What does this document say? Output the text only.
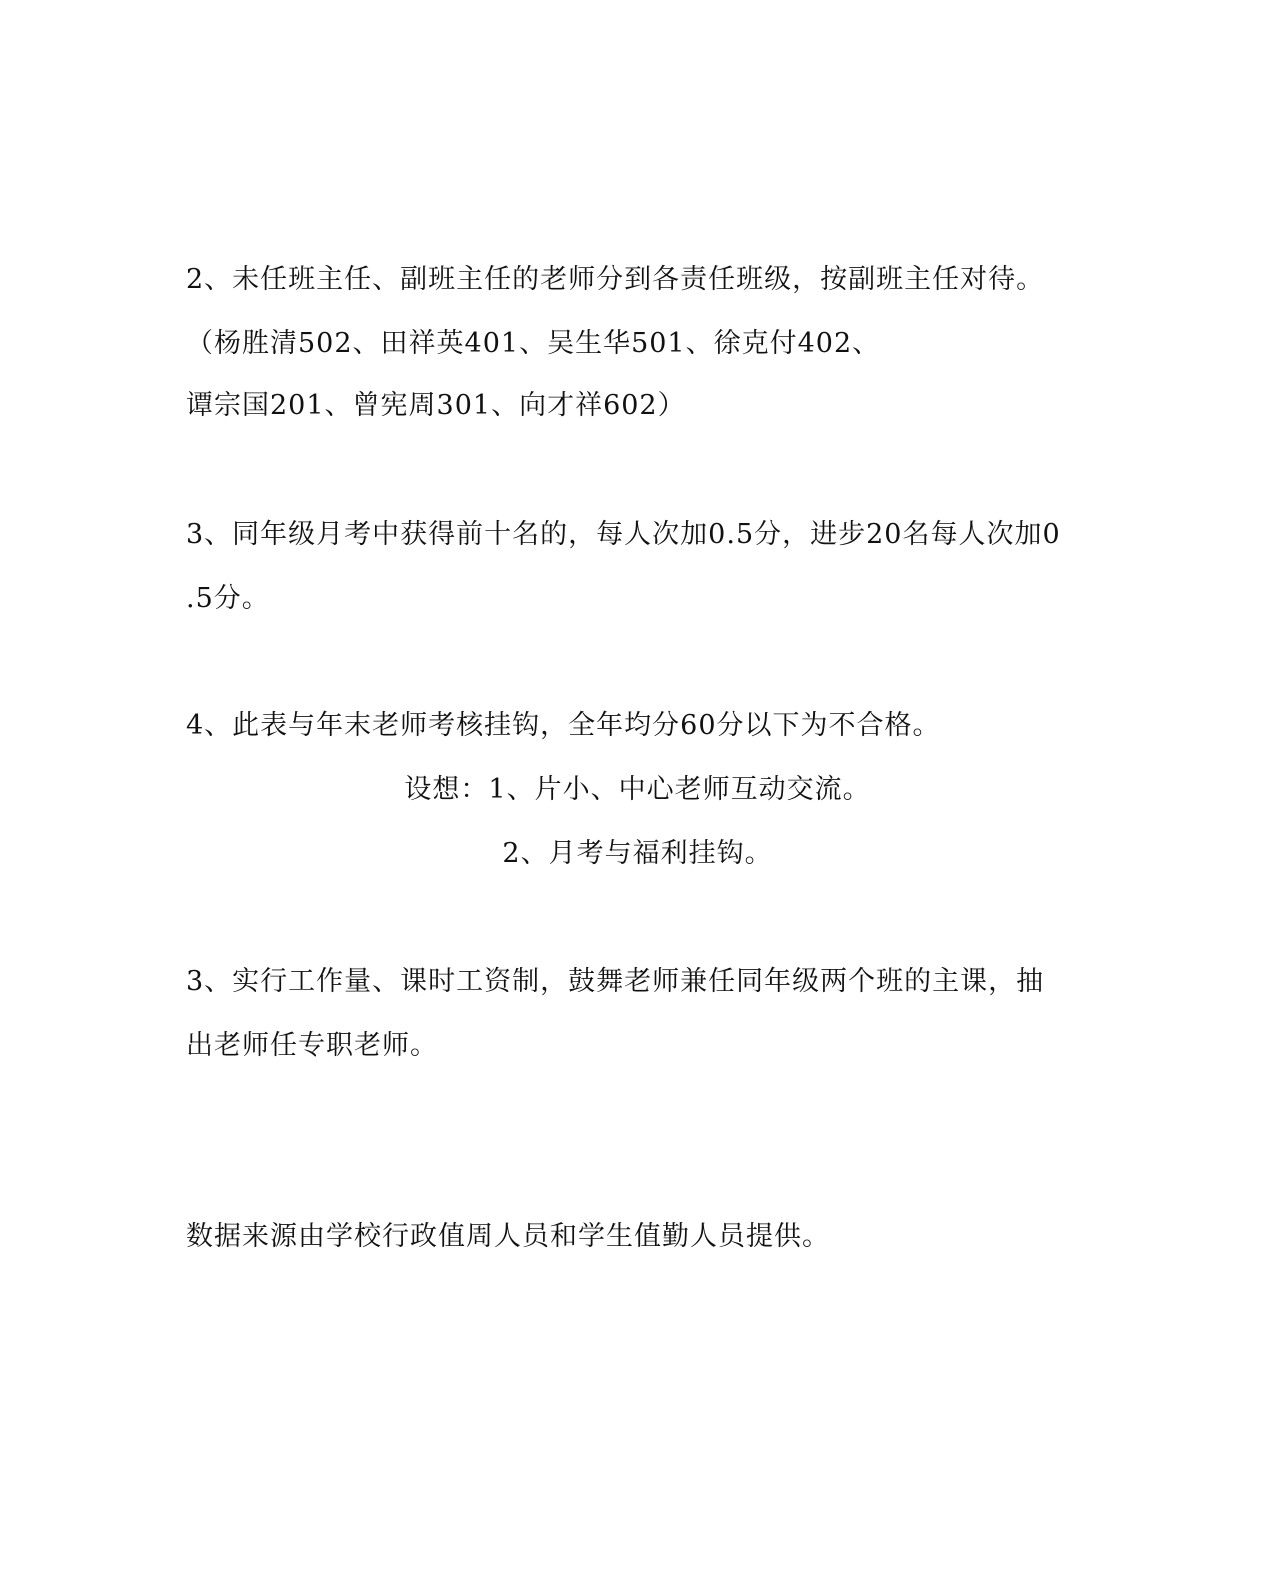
2、未任班主任、副班主任的老师分到各责任班级，按副班主任对待。

（杨胜清502、田祥英401、吴生华501、徐克付402、

谭宗国201、曾宪周301、向才祥602）

3、同年级月考中获得前十名的，每人次加0.5分，进步20名每人次加0

.5分。

4、此表与年末老师考核挂钩，全年均分60分以下为不合格。

设想：1、片小、中心老师互动交流。

2、月考与福利挂钩。

3、实行工作量、课时工资制，鼓舞老师兼任同年级两个班的主课，抽

出老师任专职老师。

数据来源由学校行政值周人员和学生值勤人员提供。
